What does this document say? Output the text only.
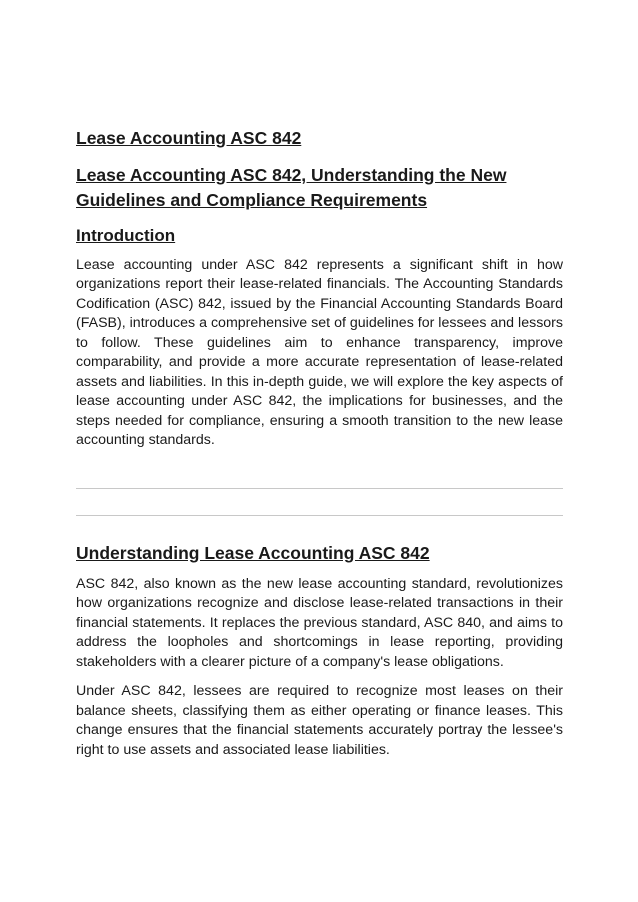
Lease Accounting ASC 842
Lease Accounting ASC 842, Understanding the New Guidelines and Compliance Requirements
Introduction

Lease accounting under ASC 842 represents a significant shift in how organizations report their lease-related financials. The Accounting Standards Codification (ASC) 842, issued by the Financial Accounting Standards Board (FASB), introduces a comprehensive set of guidelines for lessees and lessors to follow. These guidelines aim to enhance transparency, improve comparability, and provide a more accurate representation of lease-related assets and liabilities. In this in-depth guide, we will explore the key aspects of lease accounting under ASC 842, the implications for businesses, and the steps needed for compliance, ensuring a smooth transition to the new lease accounting standards.

Understanding Lease Accounting ASC 842

ASC 842, also known as the new lease accounting standard, revolutionizes how organizations recognize and disclose lease-related transactions in their financial statements. It replaces the previous standard, ASC 840, and aims to address the loopholes and shortcomings in lease reporting, providing stakeholders with a clearer picture of a company's lease obligations.

Under ASC 842, lessees are required to recognize most leases on their balance sheets, classifying them as either operating or finance leases. This change ensures that the financial statements accurately portray the lessee's right to use assets and associated lease liabilities.
